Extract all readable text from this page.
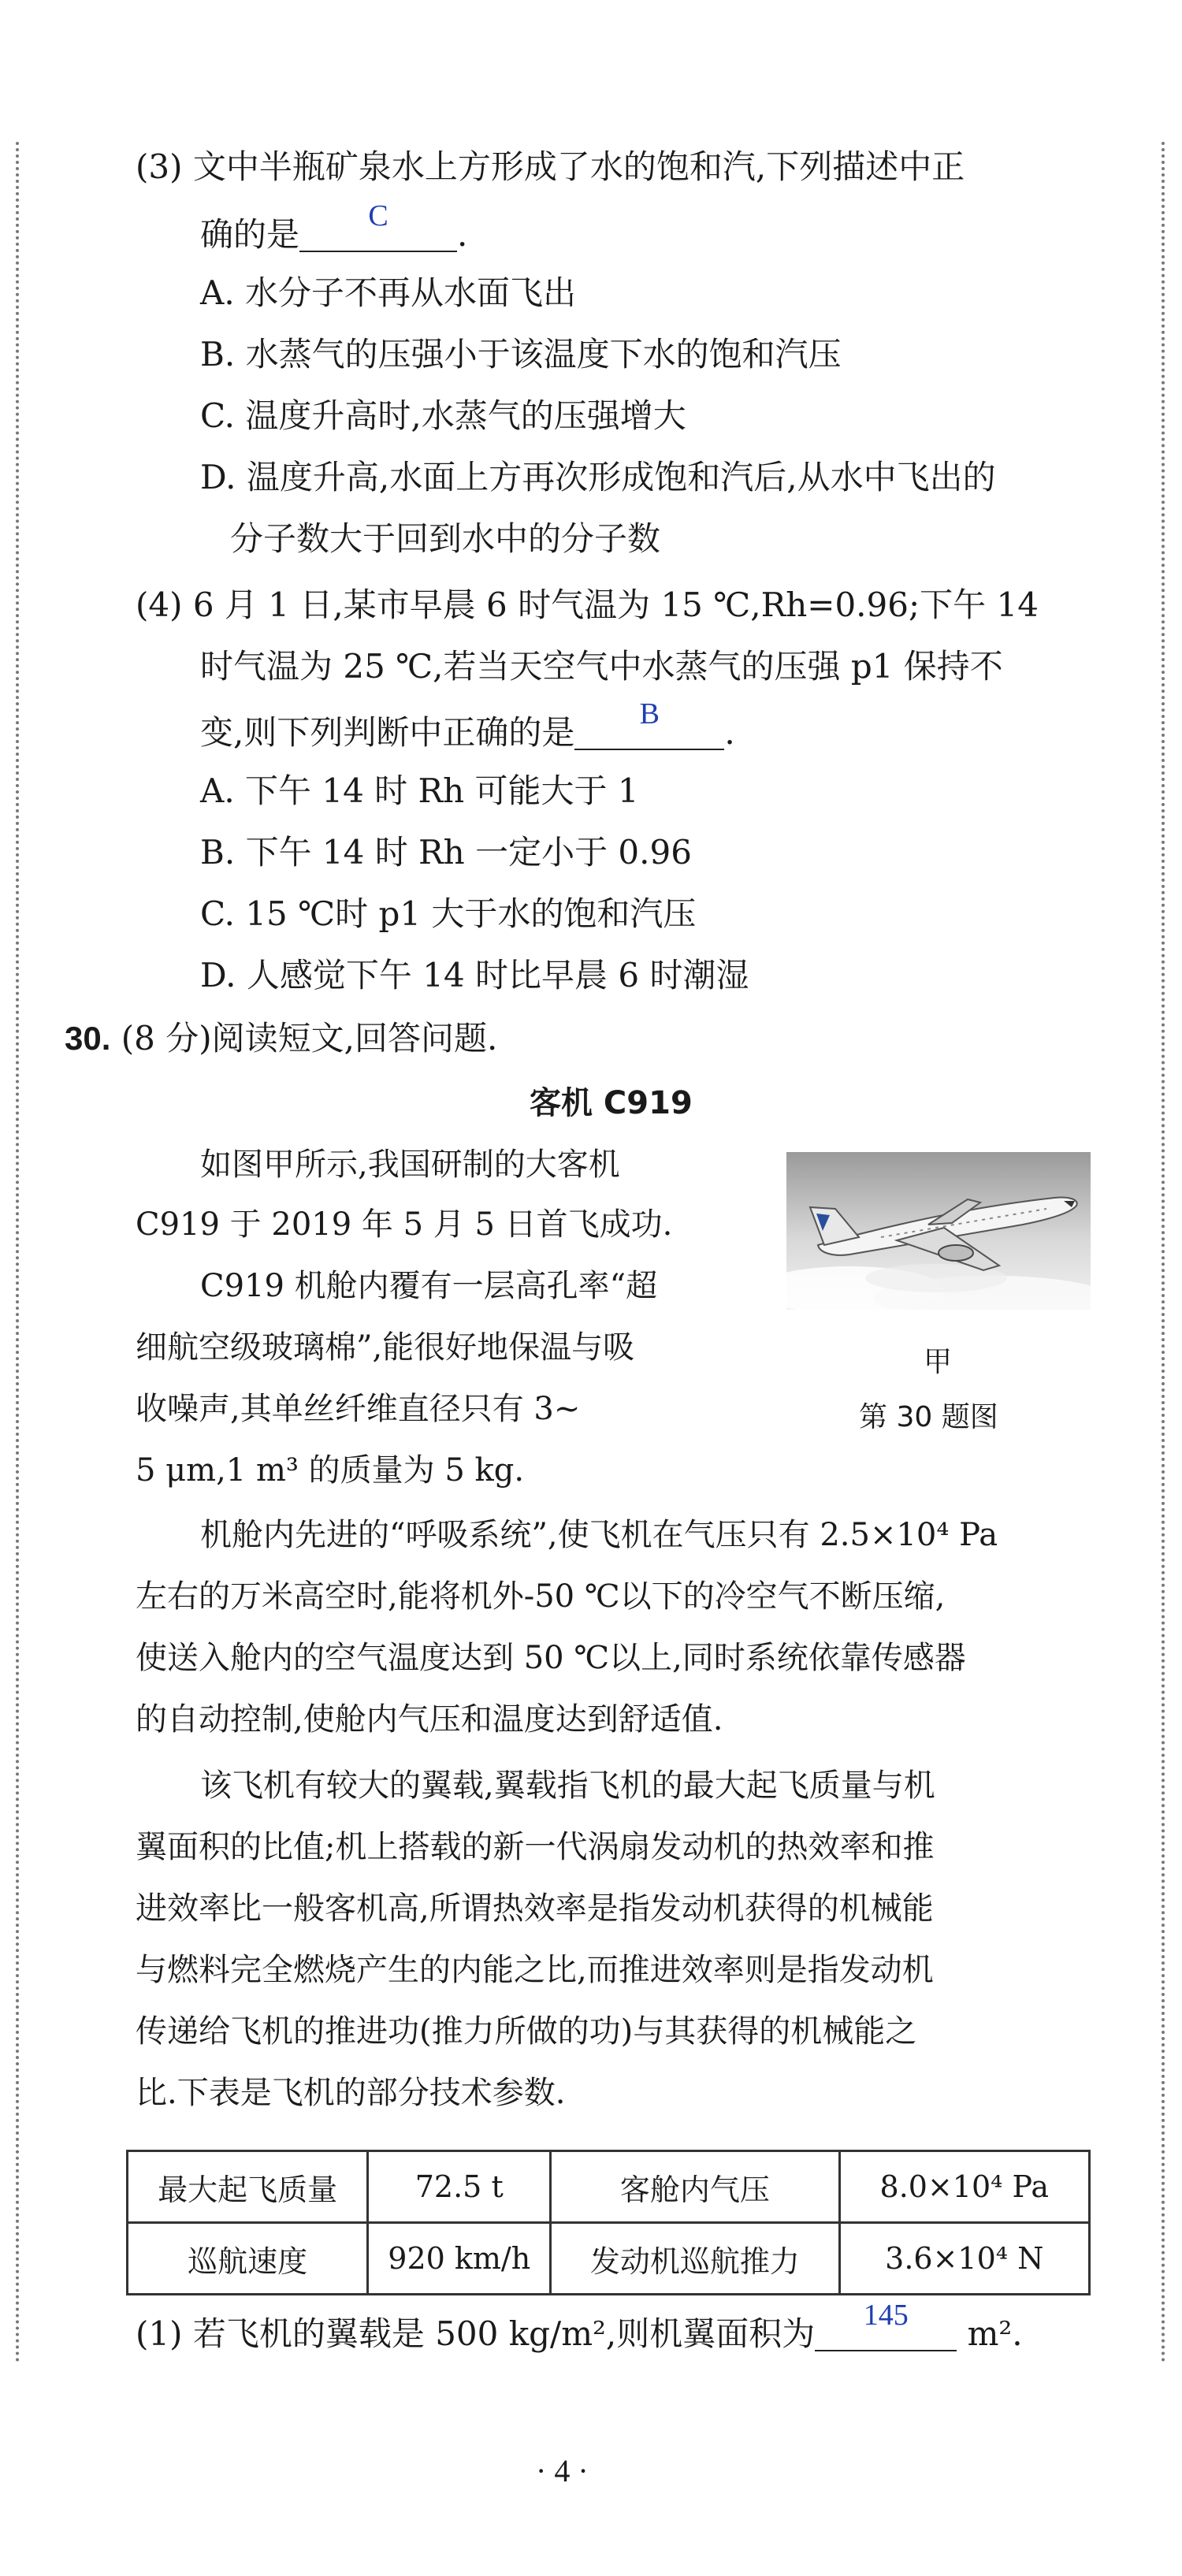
(3) 文中半瓶矿泉水上方形成了水的饱和汽,下列描述中正
确的是 C .
A. 水分子不再从水面飞出
B. 水蒸气的压强小于该温度下水的饱和汽压
C. 温度升高时,水蒸气的压强增大
D. 温度升高,水面上方再次形成饱和汽后,从水中飞出的
分子数大于回到水中的分子数
(4) 6 月 1 日,某市早晨 6 时气温为 15 ℃,Rh=0.96;下午 14
时气温为 25 ℃,若当天空气中水蒸气的压强 p1 保持不
变,则下列判断中正确的是 B .
A. 下午 14 时 Rh 可能大于 1
B. 下午 14 时 Rh 一定小于 0.96
C. 15 ℃时 p1 大于水的饱和汽压
D. 人感觉下午 14 时比早晨 6 时潮湿
30. (8 分)阅读短文,回答问题.
客机 C919
如图甲所示,我国研制的大客机
C919 于 2019 年 5 月 5 日首飞成功.
C919 机舱内覆有一层高孔率“超
细航空级玻璃棉”,能很好地保温与吸
收噪声,其单丝纤维直径只有 3~
5 μm,1 m³ 的质量为 5 kg.
甲
第 30 题图
机舱内先进的“呼吸系统”,使飞机在气压只有 2.5×10⁴ Pa
左右的万米高空时,能将机外-50 ℃以下的冷空气不断压缩,
使送入舱内的空气温度达到 50 ℃以上,同时系统依靠传感器
的自动控制,使舱内气压和温度达到舒适值.
该飞机有较大的翼载,翼载指飞机的最大起飞质量与机
翼面积的比值;机上搭载的新一代涡扇发动机的热效率和推
进效率比一般客机高,所谓热效率是指发动机获得的机械能
与燃料完全燃烧产生的内能之比,而推进效率则是指发动机
传递给飞机的推进功(推力所做的功)与其获得的机械能之
比.下表是飞机的部分技术参数.
最大起飞质量	72.5 t	客舱内气压	8.0×10⁴ Pa
巡航速度	920 km/h	发动机巡航推力	3.6×10⁴ N
(1) 若飞机的翼载是 500 kg/m²,则机翼面积为 145 m².
· 4 ·
